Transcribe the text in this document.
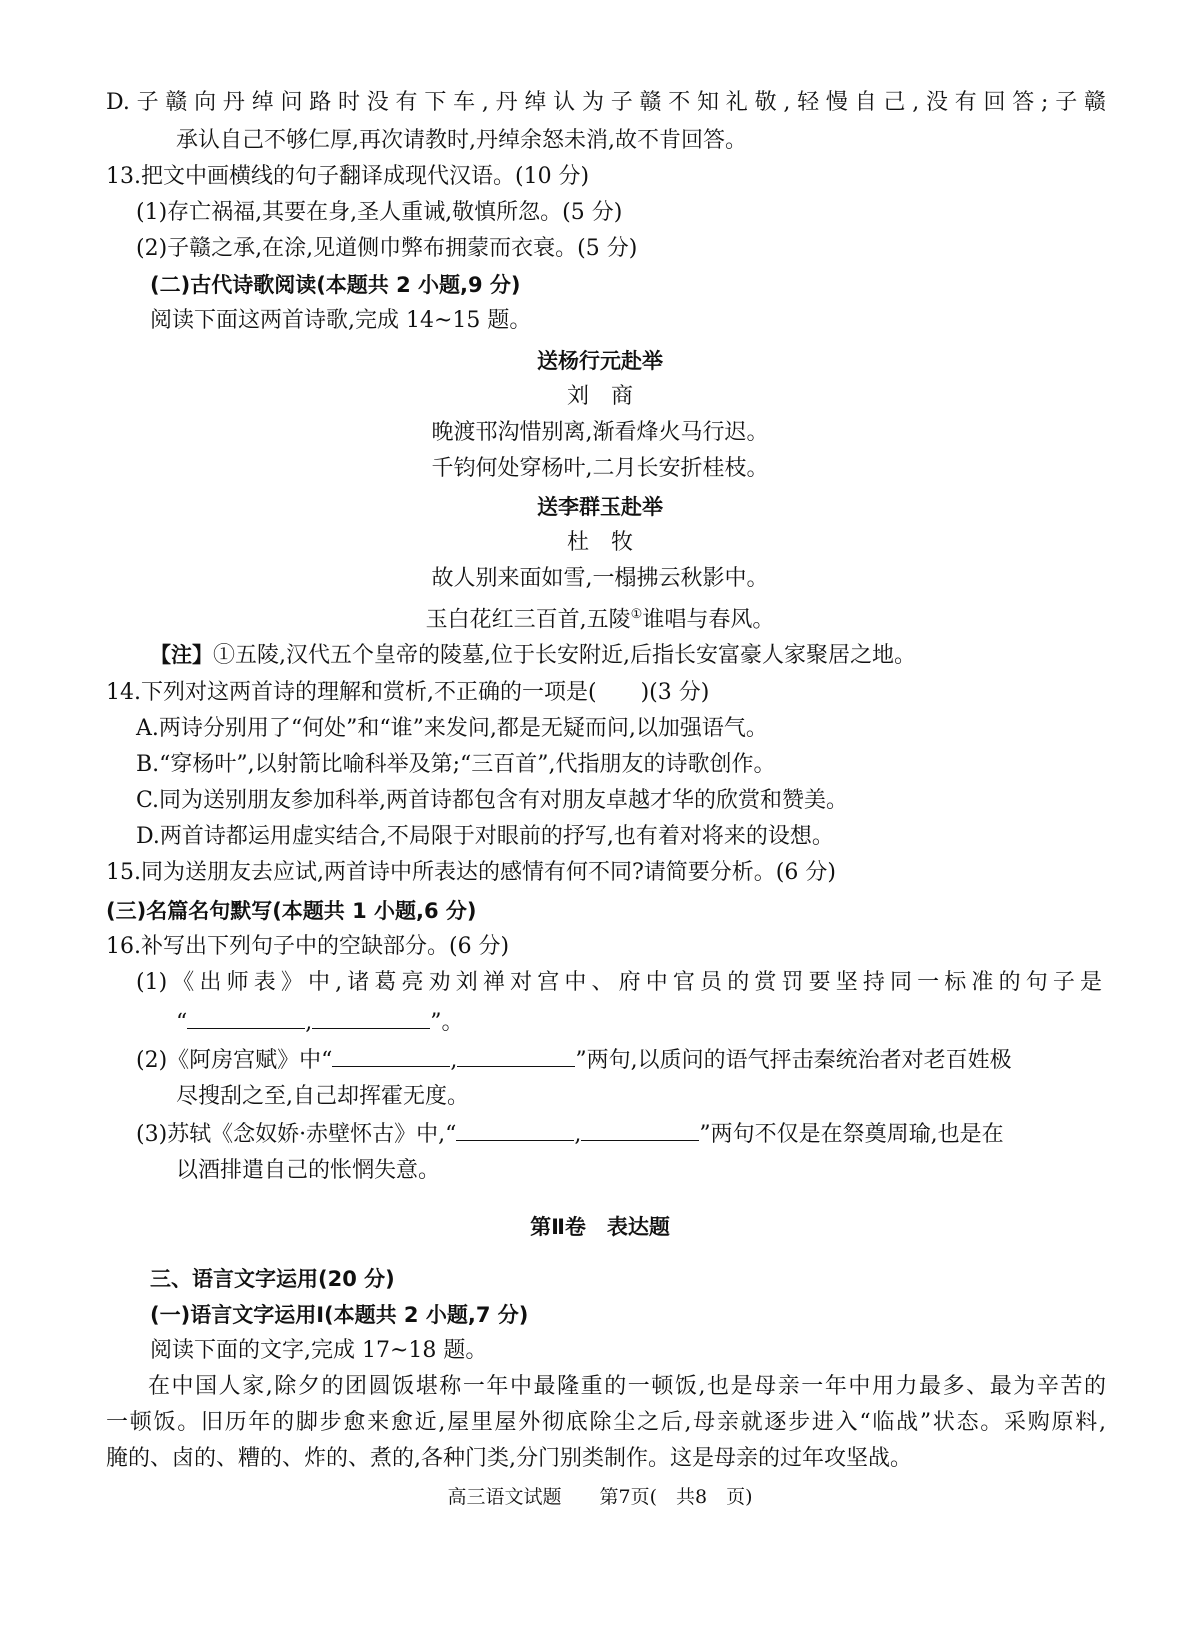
D.子赣向丹绰问路时没有下车,丹绰认为子赣不知礼敬,轻慢自己,没有回答;子赣
承认自己不够仁厚,再次请教时,丹绰余怒未消,故不肯回答。
13.把文中画横线的句子翻译成现代汉语。(10 分)
(1)存亡祸福,其要在身,圣人重诫,敬慎所忽。(5 分)
(2)子赣之承,在涂,见道侧巾弊布拥蒙而衣衰。(5 分)
(二)古代诗歌阅读(本题共 2 小题,9 分)
阅读下面这两首诗歌,完成 14~15 题。
送杨行元赴举
刘　商
晚渡邗沟惜别离,渐看烽火马行迟。
千钧何处穿杨叶,二月长安折桂枝。
送李群玉赴举
杜　牧
故人别来面如雪,一榻拂云秋影中。
玉白花红三百首,五陵①谁唱与春风。
【注】①五陵,汉代五个皇帝的陵墓,位于长安附近,后指长安富豪人家聚居之地。
14.下列对这两首诗的理解和赏析,不正确的一项是(　　)(3 分)
A.两诗分别用了“何处”和“谁”来发问,都是无疑而问,以加强语气。
B.“穿杨叶”,以射箭比喻科举及第;“三百首”,代指朋友的诗歌创作。
C.同为送别朋友参加科举,两首诗都包含有对朋友卓越才华的欣赏和赞美。
D.两首诗都运用虚实结合,不局限于对眼前的抒写,也有着对将来的设想。
15.同为送朋友去应试,两首诗中所表达的感情有何不同?请简要分析。(6 分)
(三)名篇名句默写(本题共 1 小题,6 分)
16.补写出下列句子中的空缺部分。(6 分)
(1)《出师表》中,诸葛亮劝刘禅对宫中、府中官员的赏罚要坚持同一标准的句子是
“	,	”。
(2)《阿房宫赋》中“	,	”两句,以质问的语气抨击秦统治者对老百姓极
尽搜刮之至,自己却挥霍无度。
(3)苏轼《念奴娇·赤壁怀古》中,“	,	”两句不仅是在祭奠周瑜,也是在
以酒排遣自己的怅惘失意。
第Ⅱ卷　表达题
三、语言文字运用(20 分)
(一)语言文字运用Ⅰ(本题共 2 小题,7 分)
阅读下面的文字,完成 17~18 题。
在中国人家,除夕的团圆饭堪称一年中最隆重的一顿饭,也是母亲一年中用力最多、最为辛苦的
一顿饭。旧历年的脚步愈来愈近,屋里屋外彻底除尘之后,母亲就逐步进入“临战”状态。采购原料,
腌的、卤的、糟的、炸的、煮的,各种门类,分门别类制作。这是母亲的过年攻坚战。
高三语文试题　　第7页(　共8　页)
